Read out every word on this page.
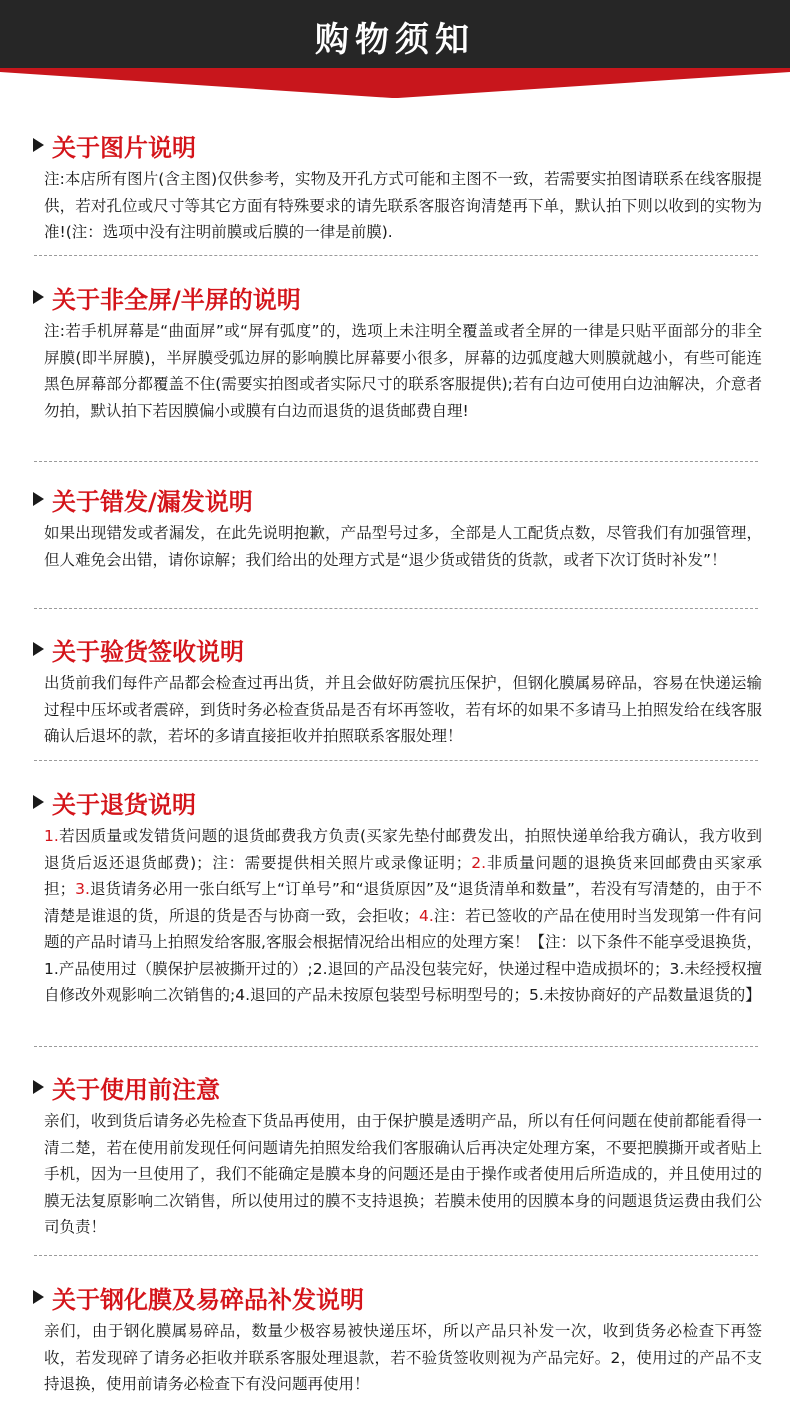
购物须知
关于图片说明
注:本店所有图片(含主图)仅供参考，实物及开孔方式可能和主图不一致，若需要实拍图请联系在线客服提供，若对孔位或尺寸等其它方面有特殊要求的请先联系客服咨询清楚再下单，默认拍下则以收到的实物为准!(注：选项中没有注明前膜或后膜的一律是前膜).
关于非全屏/半屏的说明
注:若手机屏幕是“曲面屏”或“屏有弧度”的，选项上未注明全覆盖或者全屏的一律是只贴平面部分的非全屏膜(即半屏膜)，半屏膜受弧边屏的影响膜比屏幕要小很多，屏幕的边弧度越大则膜就越小，有些可能连黑色屏幕部分都覆盖不住(需要实拍图或者实际尺寸的联系客服提供);若有白边可使用白边油解决，介意者勿拍，默认拍下若因膜偏小或膜有白边而退货的退货邮费自理!
关于错发/漏发说明
如果出现错发或者漏发，在此先说明抱歉，产品型号过多，全部是人工配货点数，尽管我们有加强管理，但人难免会出错，请你谅解；我们给出的处理方式是“退少货或错货的货款，或者下次订货时补发”！
关于验货签收说明
出货前我们每件产品都会检查过再出货，并且会做好防震抗压保护，但钢化膜属易碎品，容易在快递运输过程中压坏或者震碎，到货时务必检查货品是否有坏再签收，若有坏的如果不多请马上拍照发给在线客服确认后退坏的款，若坏的多请直接拒收并拍照联系客服处理！
关于退货说明
1.若因质量或发错货问题的退货邮费我方负责(买家先垫付邮费发出，拍照快递单给我方确认，我方收到退货后返还退货邮费)；注：需要提供相关照片或录像证明；2.非质量问题的退换货来回邮费由买家承担；3.退货请务必用一张白纸写上“订单号”和“退货原因”及“退货清单和数量”，若没有写清楚的，由于不清楚是谁退的货，所退的货是否与协商一致，会拒收；4.注：若已签收的产品在使用时当发现第一件有问题的产品时请马上拍照发给客服,客服会根据情况给出相应的处理方案！【注：以下条件不能享受退换货，1.产品使用过（膜保护层被撕开过的）;2.退回的产品没包装完好，快递过程中造成损坏的；3.未经授权擅自修改外观影响二次销售的;4.退回的产品未按原包装型号标明型号的；5.未按协商好的产品数量退货的】
关于使用前注意
亲们，收到货后请务必先检查下货品再使用，由于保护膜是透明产品，所以有任何问题在使前都能看得一清二楚，若在使用前发现任何问题请先拍照发给我们客服确认后再决定处理方案，不要把膜撕开或者贴上手机，因为一旦使用了，我们不能确定是膜本身的问题还是由于操作或者使用后所造成的，并且使用过的膜无法复原影响二次销售，所以使用过的膜不支持退换；若膜未使用的因膜本身的问题退货运费由我们公司负责！
关于钢化膜及易碎品补发说明
亲们，由于钢化膜属易碎品，数量少极容易被快递压坏，所以产品只补发一次，收到货务必检查下再签收，若发现碎了请务必拒收并联系客服处理退款，若不验货签收则视为产品完好。2，使用过的产品不支持退换，使用前请务必检查下有没问题再使用！
